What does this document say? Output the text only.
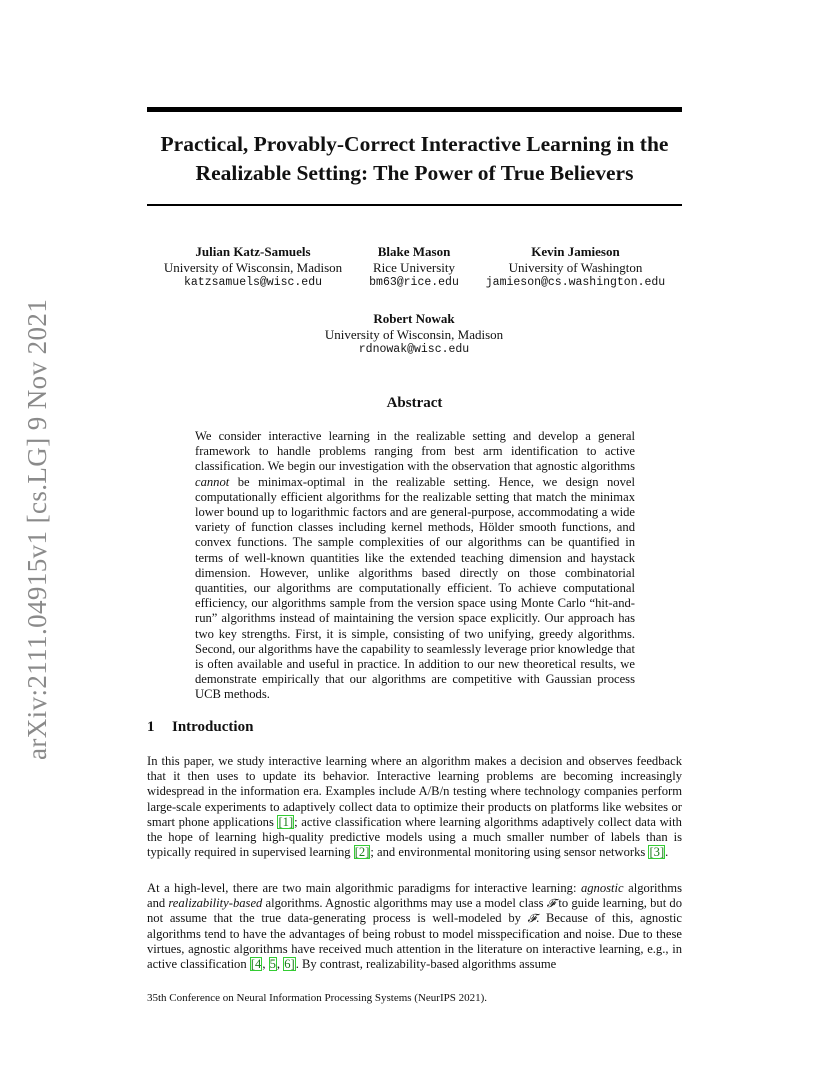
arXiv:2111.04915v1 [cs.LG] 9 Nov 2021
Practical, Provably-Correct Interactive Learning in the Realizable Setting: The Power of True Believers
Julian Katz-Samuels
University of Wisconsin, Madison
katzsamuels@wisc.edu
Blake Mason
Rice University
bm63@rice.edu
Kevin Jamieson
University of Washington
jamieson@cs.washington.edu
Robert Nowak
University of Wisconsin, Madison
rdnowak@wisc.edu
Abstract

We consider interactive learning in the realizable setting and develop a general framework to handle problems ranging from best arm identification to active classification. We begin our investigation with the observation that agnostic algorithms cannot be minimax-optimal in the realizable setting. Hence, we design novel computationally efficient algorithms for the realizable setting that match the minimax lower bound up to logarithmic factors and are general-purpose, accommodating a wide variety of function classes including kernel methods, Hölder smooth functions, and convex functions. The sample complexities of our algorithms can be quantified in terms of well-known quantities like the extended teaching dimension and haystack dimension. However, unlike algorithms based directly on those combinatorial quantities, our algorithms are computationally efficient. To achieve computational efficiency, our algorithms sample from the version space using Monte Carlo “hit-and-run” algorithms instead of maintaining the version space explicitly. Our approach has two key strengths. First, it is simple, consisting of two unifying, greedy algorithms. Second, our algorithms have the capability to seamlessly leverage prior knowledge that is often available and useful in practice. In addition to our new theoretical results, we demonstrate empirically that our algorithms are competitive with Gaussian process UCB methods.

1 Introduction

In this paper, we study interactive learning where an algorithm makes a decision and observes feedback that it then uses to update its behavior. Interactive learning problems are becoming increasingly widespread in the information era. Examples include A/B/n testing where technology companies perform large-scale experiments to adaptively collect data to optimize their products on platforms like websites or smart phone applications [1]; active classification where learning algorithms adaptively collect data with the hope of learning high-quality predictive models using a much smaller number of labels than is typically required in supervised learning [2]; and environmental monitoring using sensor networks [3].

At a high-level, there are two main algorithmic paradigms for interactive learning: agnostic algorithms and realizability-based algorithms. Agnostic algorithms may use a model class 𝓕 to guide learning, but do not assume that the true data-generating process is well-modeled by 𝓕. Because of this, agnostic algorithms tend to have the advantages of being robust to model misspecification and noise. Due to these virtues, agnostic algorithms have received much attention in the literature on interactive learning, e.g., in active classification [4, 5, 6]. By contrast, realizability-based algorithms assume

35th Conference on Neural Information Processing Systems (NeurIPS 2021).
